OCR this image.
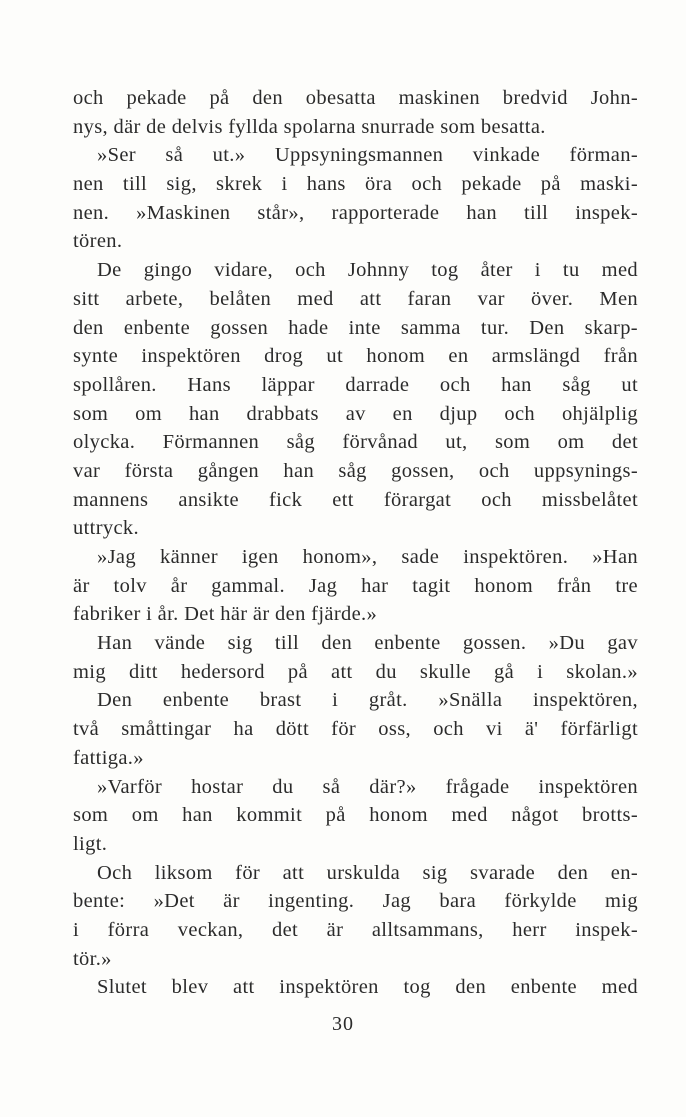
och pekade på den obesatta maskinen bredvid John-
nys, där de delvis fyllda spolarna snurrade som besatta.
»Ser så ut.» Uppsyningsmannen vinkade förman-
nen till sig, skrek i hans öra och pekade på maski-
nen. »Maskinen står», rapporterade han till inspek-
tören.
De gingo vidare, och Johnny tog åter i tu med
sitt arbete, belåten med att faran var över. Men
den enbente gossen hade inte samma tur. Den skarp-
synte inspektören drog ut honom en armslängd från
spollåren. Hans läppar darrade och han såg ut
som om han drabbats av en djup och ohjälplig
olycka. Förmannen såg förvånad ut, som om det
var första gången han såg gossen, och uppsynings-
mannens ansikte fick ett förargat och missbelåtet
uttryck.
»Jag känner igen honom», sade inspektören. »Han
är tolv år gammal. Jag har tagit honom från tre
fabriker i år. Det här är den fjärde.»
Han vände sig till den enbente gossen. »Du gav
mig ditt hedersord på att du skulle gå i skolan.»
Den enbente brast i gråt. »Snälla inspektören,
två småttingar ha dött för oss, och vi ä' förfärligt
fattiga.»
»Varför hostar du så där?» frågade inspektören
som om han kommit på honom med något brotts-
ligt.
Och liksom för att urskulda sig svarade den en-
bente: »Det är ingenting. Jag bara förkylde mig
i förra veckan, det är alltsammans, herr inspek-
tör.»
Slutet blev att inspektören tog den enbente med
30
